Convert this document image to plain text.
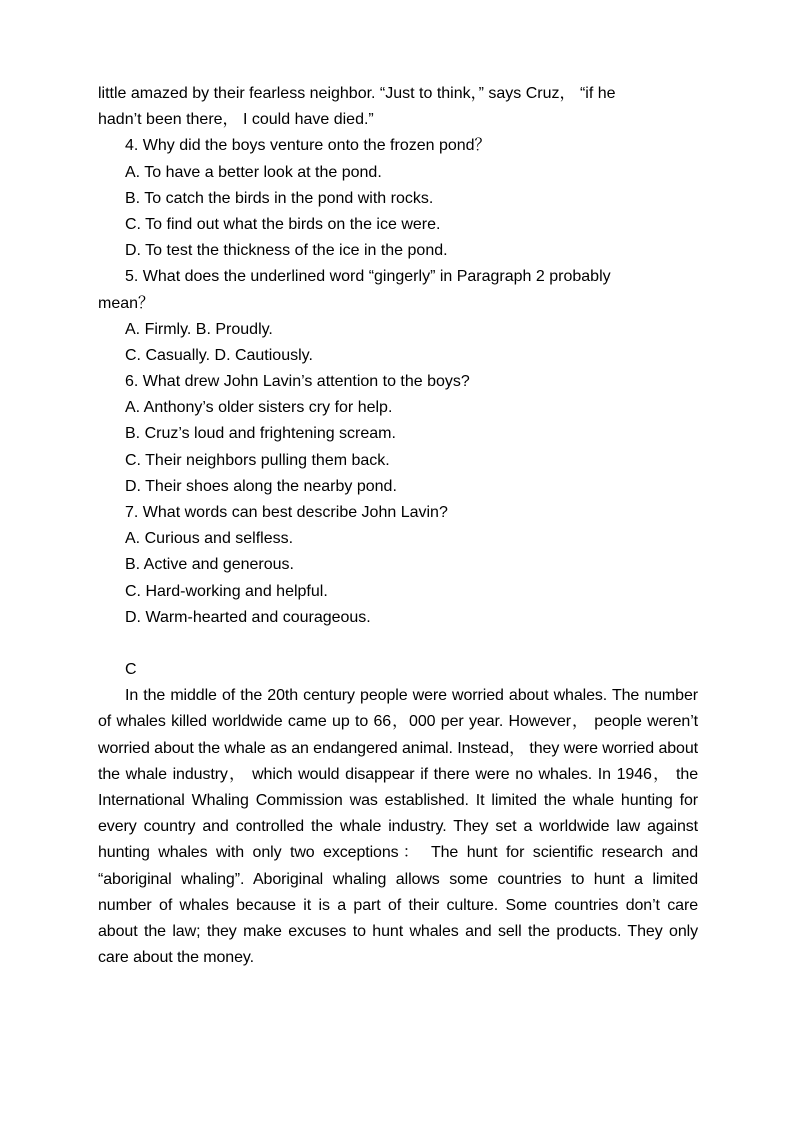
little amazed by their fearless neighbor. “Just to think，” says Cruz， “if he
hadn’t been there， I could have died.”
4. Why did the boys venture onto the frozen pond？
A. To have a better look at the pond.
B. To catch the birds in the pond with rocks.
C. To find out what the birds on the ice were.
D. To test the thickness of the ice in the pond.
5. What does the underlined word “gingerly” in Paragraph 2 probably
mean？
A. Firmly. B. Proudly.
C. Casually. D. Cautiously.
6. What drew John Lavin’s attention to the boys?
A. Anthony’s older sisters cry for help.
B. Cruz’s loud and frightening scream.
C. Their neighbors pulling them back.
D. Their shoes along the nearby pond.
7. What words can best describe John Lavin?
A. Curious and selfless.
B. Active and generous.
C. Hard-working and helpful.
D. Warm-hearted and courageous.
C

In the middle of the 20th century people were worried about whales. The number of whales killed worldwide came up to 66，000 per year. However， people weren’t worried about the whale as an endangered animal. Instead， they were worried about the whale industry， which would disappear if there were no whales. In 1946， the International Whaling Commission was established. It limited the whale hunting for every country and controlled the whale industry. They set a worldwide law against hunting whales with only two exceptions： The hunt for scientific research and “aboriginal whaling”. Aboriginal whaling allows some countries to hunt a limited number of whales because it is a part of their culture. Some countries don’t care about the law; they make excuses to hunt whales and sell the products. They only care about the money.
